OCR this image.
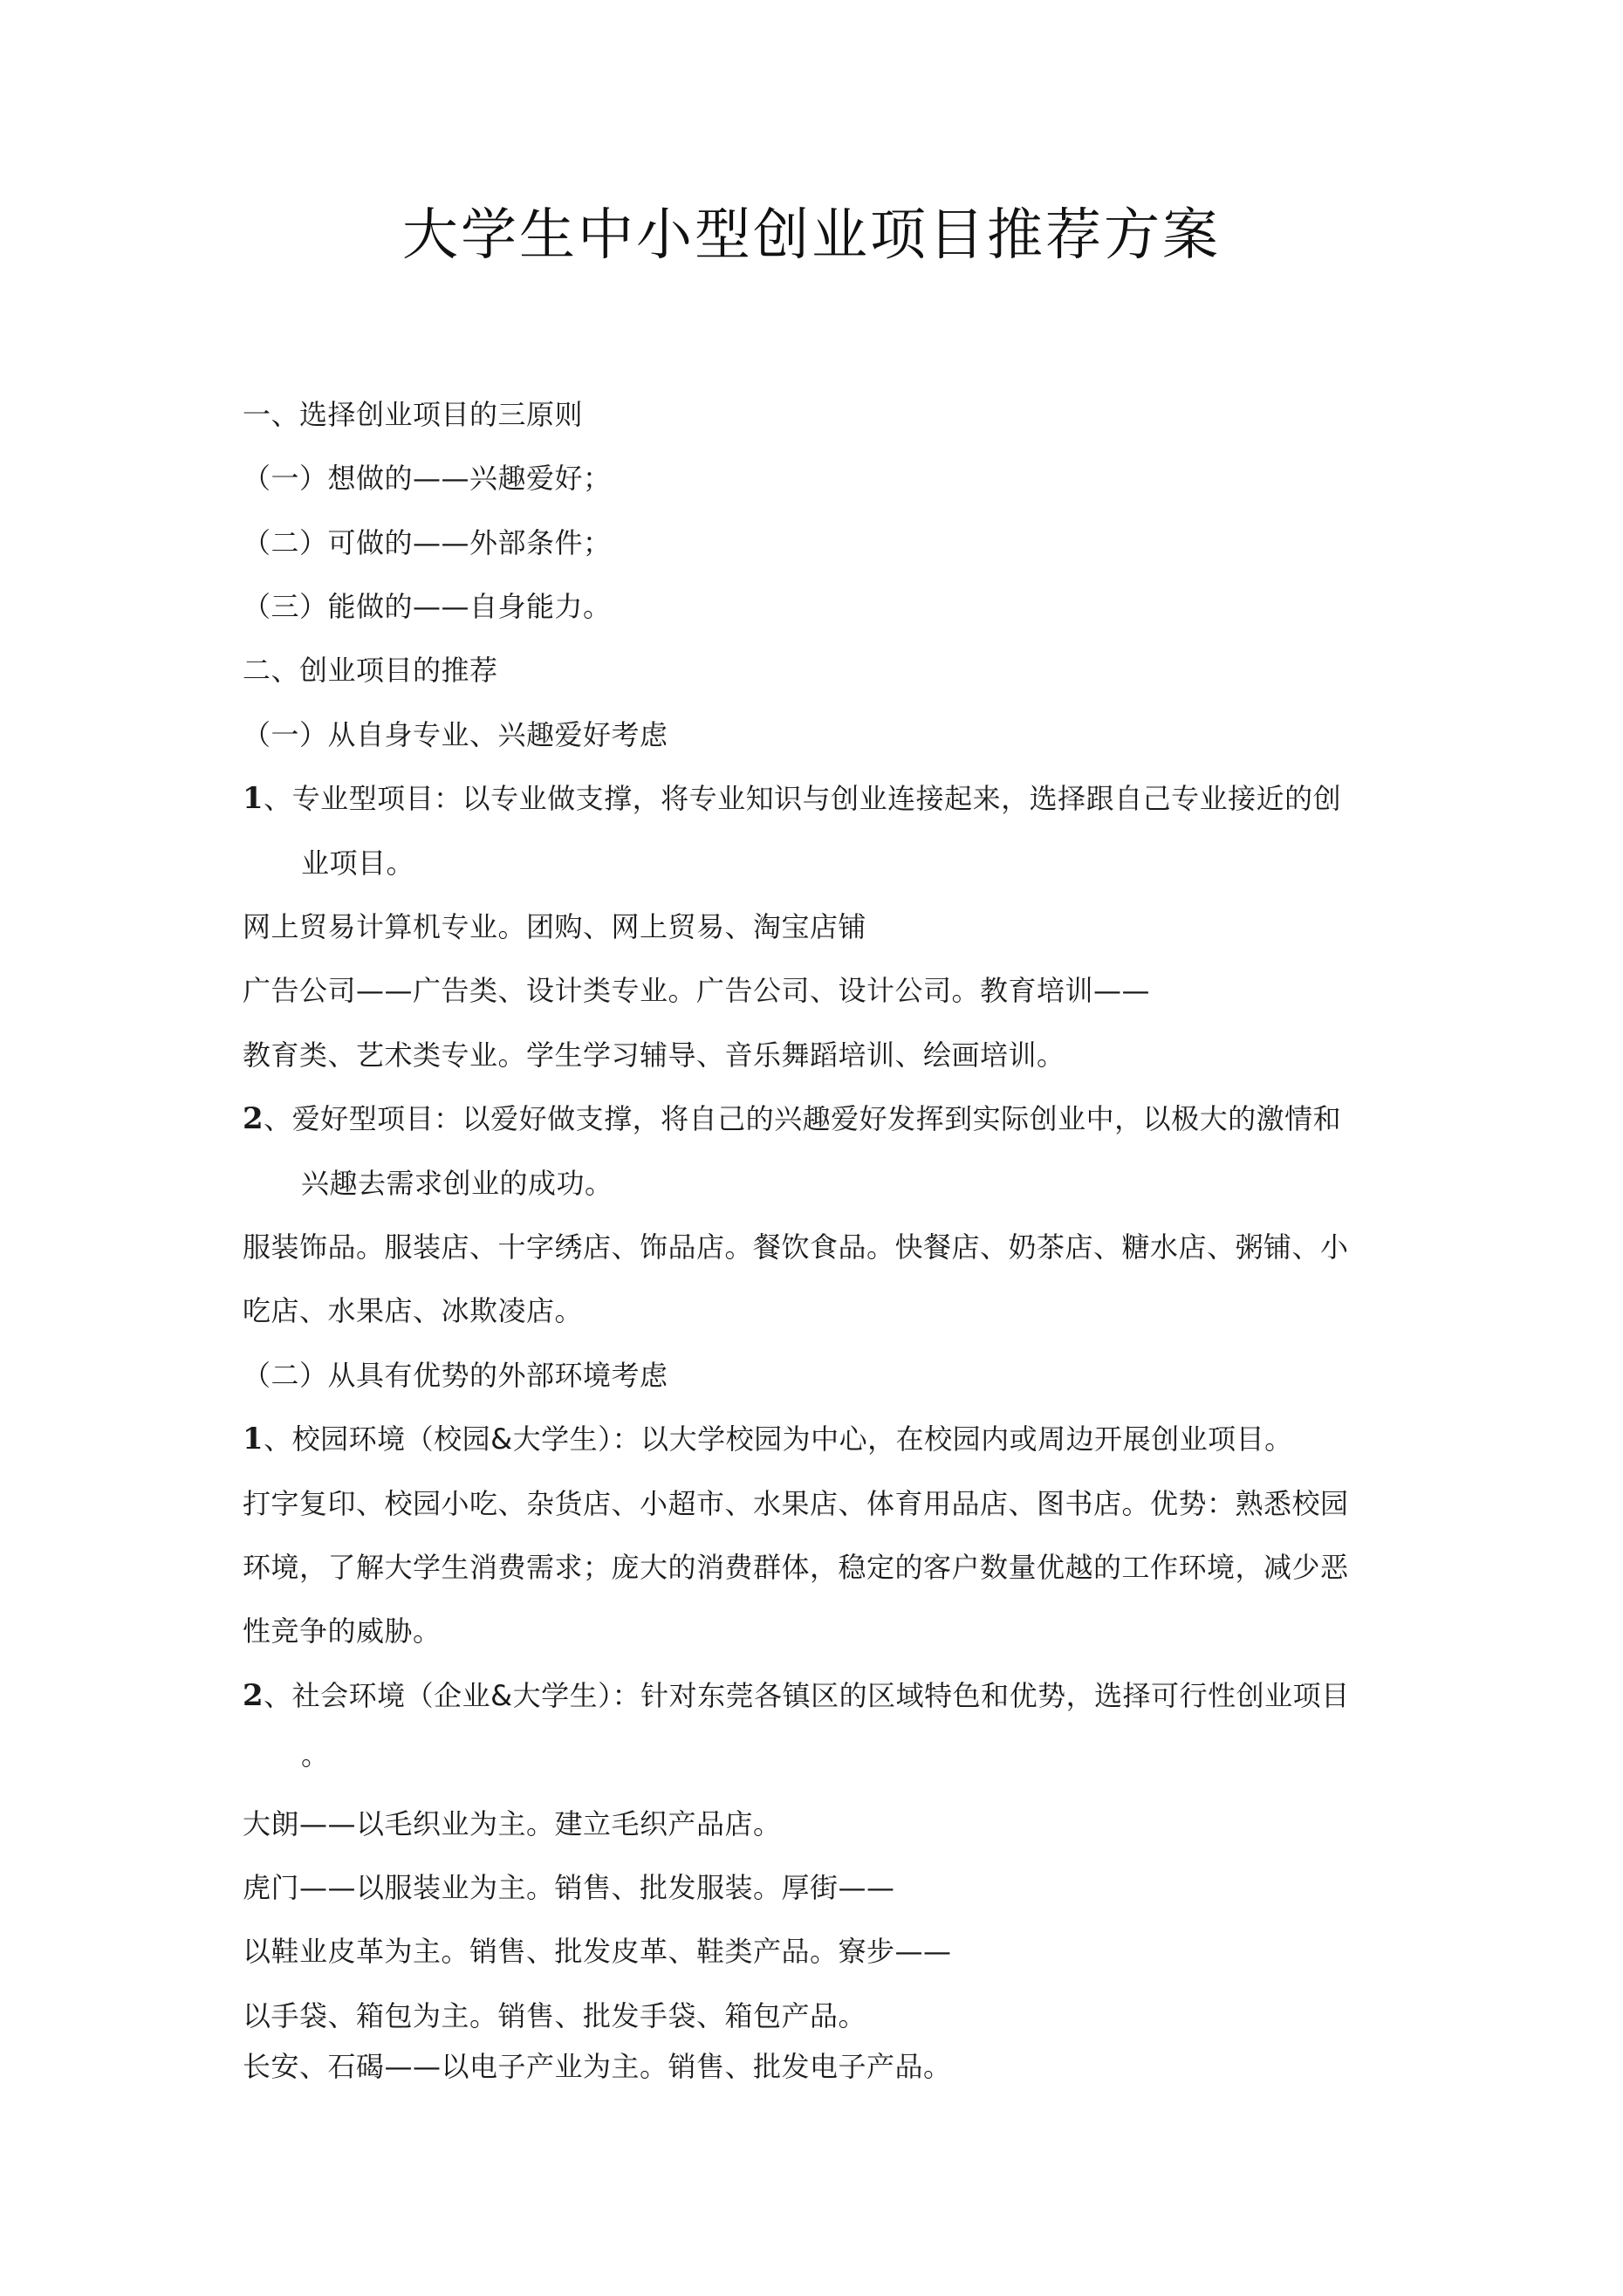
大学生中小型创业项目推荐方案
一、选择创业项目的三原则
（一）想做的——兴趣爱好；
（二）可做的——外部条件；
（三）能做的——自身能力。
二、创业项目的推荐
（一）从自身专业、兴趣爱好考虑
1、专业型项目：以专业做支撑，将专业知识与创业连接起来，选择跟自己专业接近的创
业项目。
网上贸易计算机专业。团购、网上贸易、淘宝店铺
广告公司——广告类、设计类专业。广告公司、设计公司。教育培训——
教育类、艺术类专业。学生学习辅导、音乐舞蹈培训、绘画培训。
2、爱好型项目：以爱好做支撑，将自己的兴趣爱好发挥到实际创业中，以极大的激情和
兴趣去需求创业的成功。
服装饰品。服装店、十字绣店、饰品店。餐饮食品。快餐店、奶茶店、糖水店、粥铺、小
吃店、水果店、冰欺凌店。
（二）从具有优势的外部环境考虑
1、校园环境（校园&大学生）：以大学校园为中心，在校园内或周边开展创业项目。
打字复印、校园小吃、杂货店、小超市、水果店、体育用品店、图书店。优势：熟悉校园
环境，了解大学生消费需求；庞大的消费群体，稳定的客户数量优越的工作环境，减少恶
性竞争的威胁。
2、社会环境（企业&大学生）：针对东莞各镇区的区域特色和优势，选择可行性创业项目
。
大朗——以毛织业为主。建立毛织产品店。
虎门——以服装业为主。销售、批发服装。厚街——
以鞋业皮革为主。销售、批发皮革、鞋类产品。寮步——
以手袋、箱包为主。销售、批发手袋、箱包产品。
长安、石碣——以电子产业为主。销售、批发电子产品。
